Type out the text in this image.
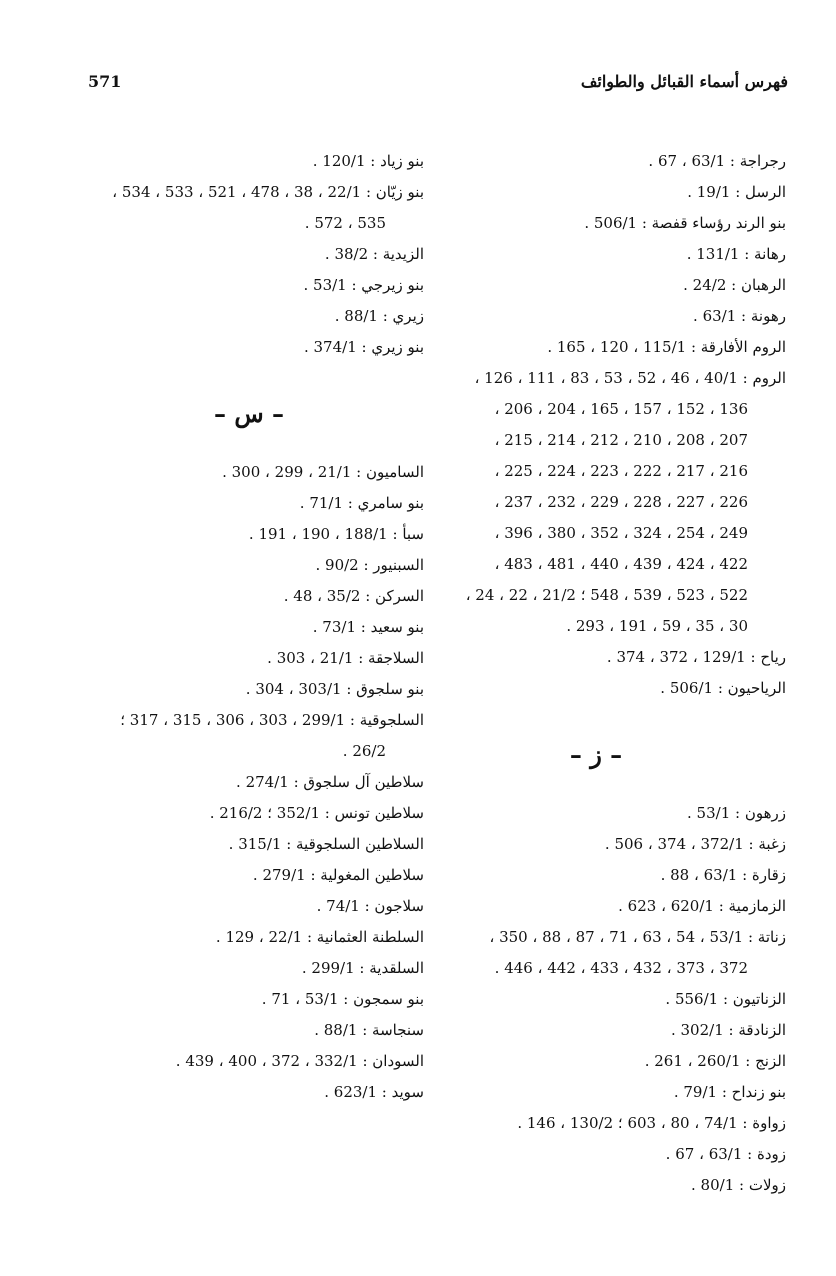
571	فهرس أسماء القبائل والطوائف
رجراجة : 63/1 ، 67 .
الرسل : 19/1 .
بنو الرند رؤساء قفصة : 506/1 .
رهانة : 131/1 .
الرهبان : 24/2 .
رهونة : 63/1 .
الروم الأفارقة : 115/1 ، 120 ، 165 .
الروم : 40/1 ، 46 ، 52 ، 53 ، 83 ، 111 ، 126 ،
136 ، 152 ، 157 ، 165 ، 204 ، 206 ،
207 ، 208 ، 210 ، 212 ، 214 ، 215 ،
216 ، 217 ، 222 ، 223 ، 224 ، 225 ،
226 ، 227 ، 228 ، 229 ، 232 ، 237 ،
249 ، 254 ، 324 ، 352 ، 380 ، 396 ،
422 ، 424 ، 439 ، 440 ، 481 ، 483 ،
522 ، 523 ، 539 ، 548 ؛ 21/2 ، 22 ، 24 ،
30 ، 35 ، 59 ، 191 ، 293 .
رياح : 129/1 ، 372 ، 374 .
الرياحيون : 506/1 .
– ز –
زرهون : 53/1 .
زغبة : 372/1 ، 374 ، 506 .
زقارة : 63/1 ، 88 .
الزمازمية : 620/1 ، 623 .
زناتة : 53/1 ، 54 ، 63 ، 71 ، 87 ، 88 ، 350 ،
372 ، 373 ، 432 ، 433 ، 442 ، 446 .
الزناتيون : 556/1 .
الزنادقة : 302/1 .
الزنج : 260/1 ، 261 .
بنو زنداح : 79/1 .
زواوة : 74/1 ، 80 ، 603 ؛ 130/2 ، 146 .
زودة : 63/1 ، 67 .
زولات : 80/1 .
بنو زياد : 120/1 .
بنو زيّان : 22/1 ، 38 ، 478 ، 521 ، 533 ، 534 ،
535 ، 572 .
الزيدية : 38/2 .
بنو زيرجي : 53/1 .
زيري : 88/1 .
بنو زيري : 374/1 .
– س –
الساميون : 21/1 ، 299 ، 300 .
بنو سامري : 71/1 .
سبأ : 188/1 ، 190 ، 191 .
السبنيور : 90/2 .
السركن : 35/2 ، 48 .
بنو سعيد : 73/1 .
السلاجقة : 21/1 ، 303 .
بنو سلجوق : 303/1 ، 304 .
السلجوقية : 299/1 ، 303 ، 306 ، 315 ، 317 ؛
26/2 .
سلاطين آل سلجوق : 274/1 .
سلاطين تونس : 352/1 ؛ 216/2 .
السلاطين السلجوقية : 315/1 .
سلاطين المغولية : 279/1 .
سلاجون : 74/1 .
السلطنة العثمانية : 22/1 ، 129 .
السلقدية : 299/1 .
بنو سمجون : 53/1 ، 71 .
سنجاسة : 88/1 .
السودان : 332/1 ، 372 ، 400 ، 439 .
سويد : 623/1 .
